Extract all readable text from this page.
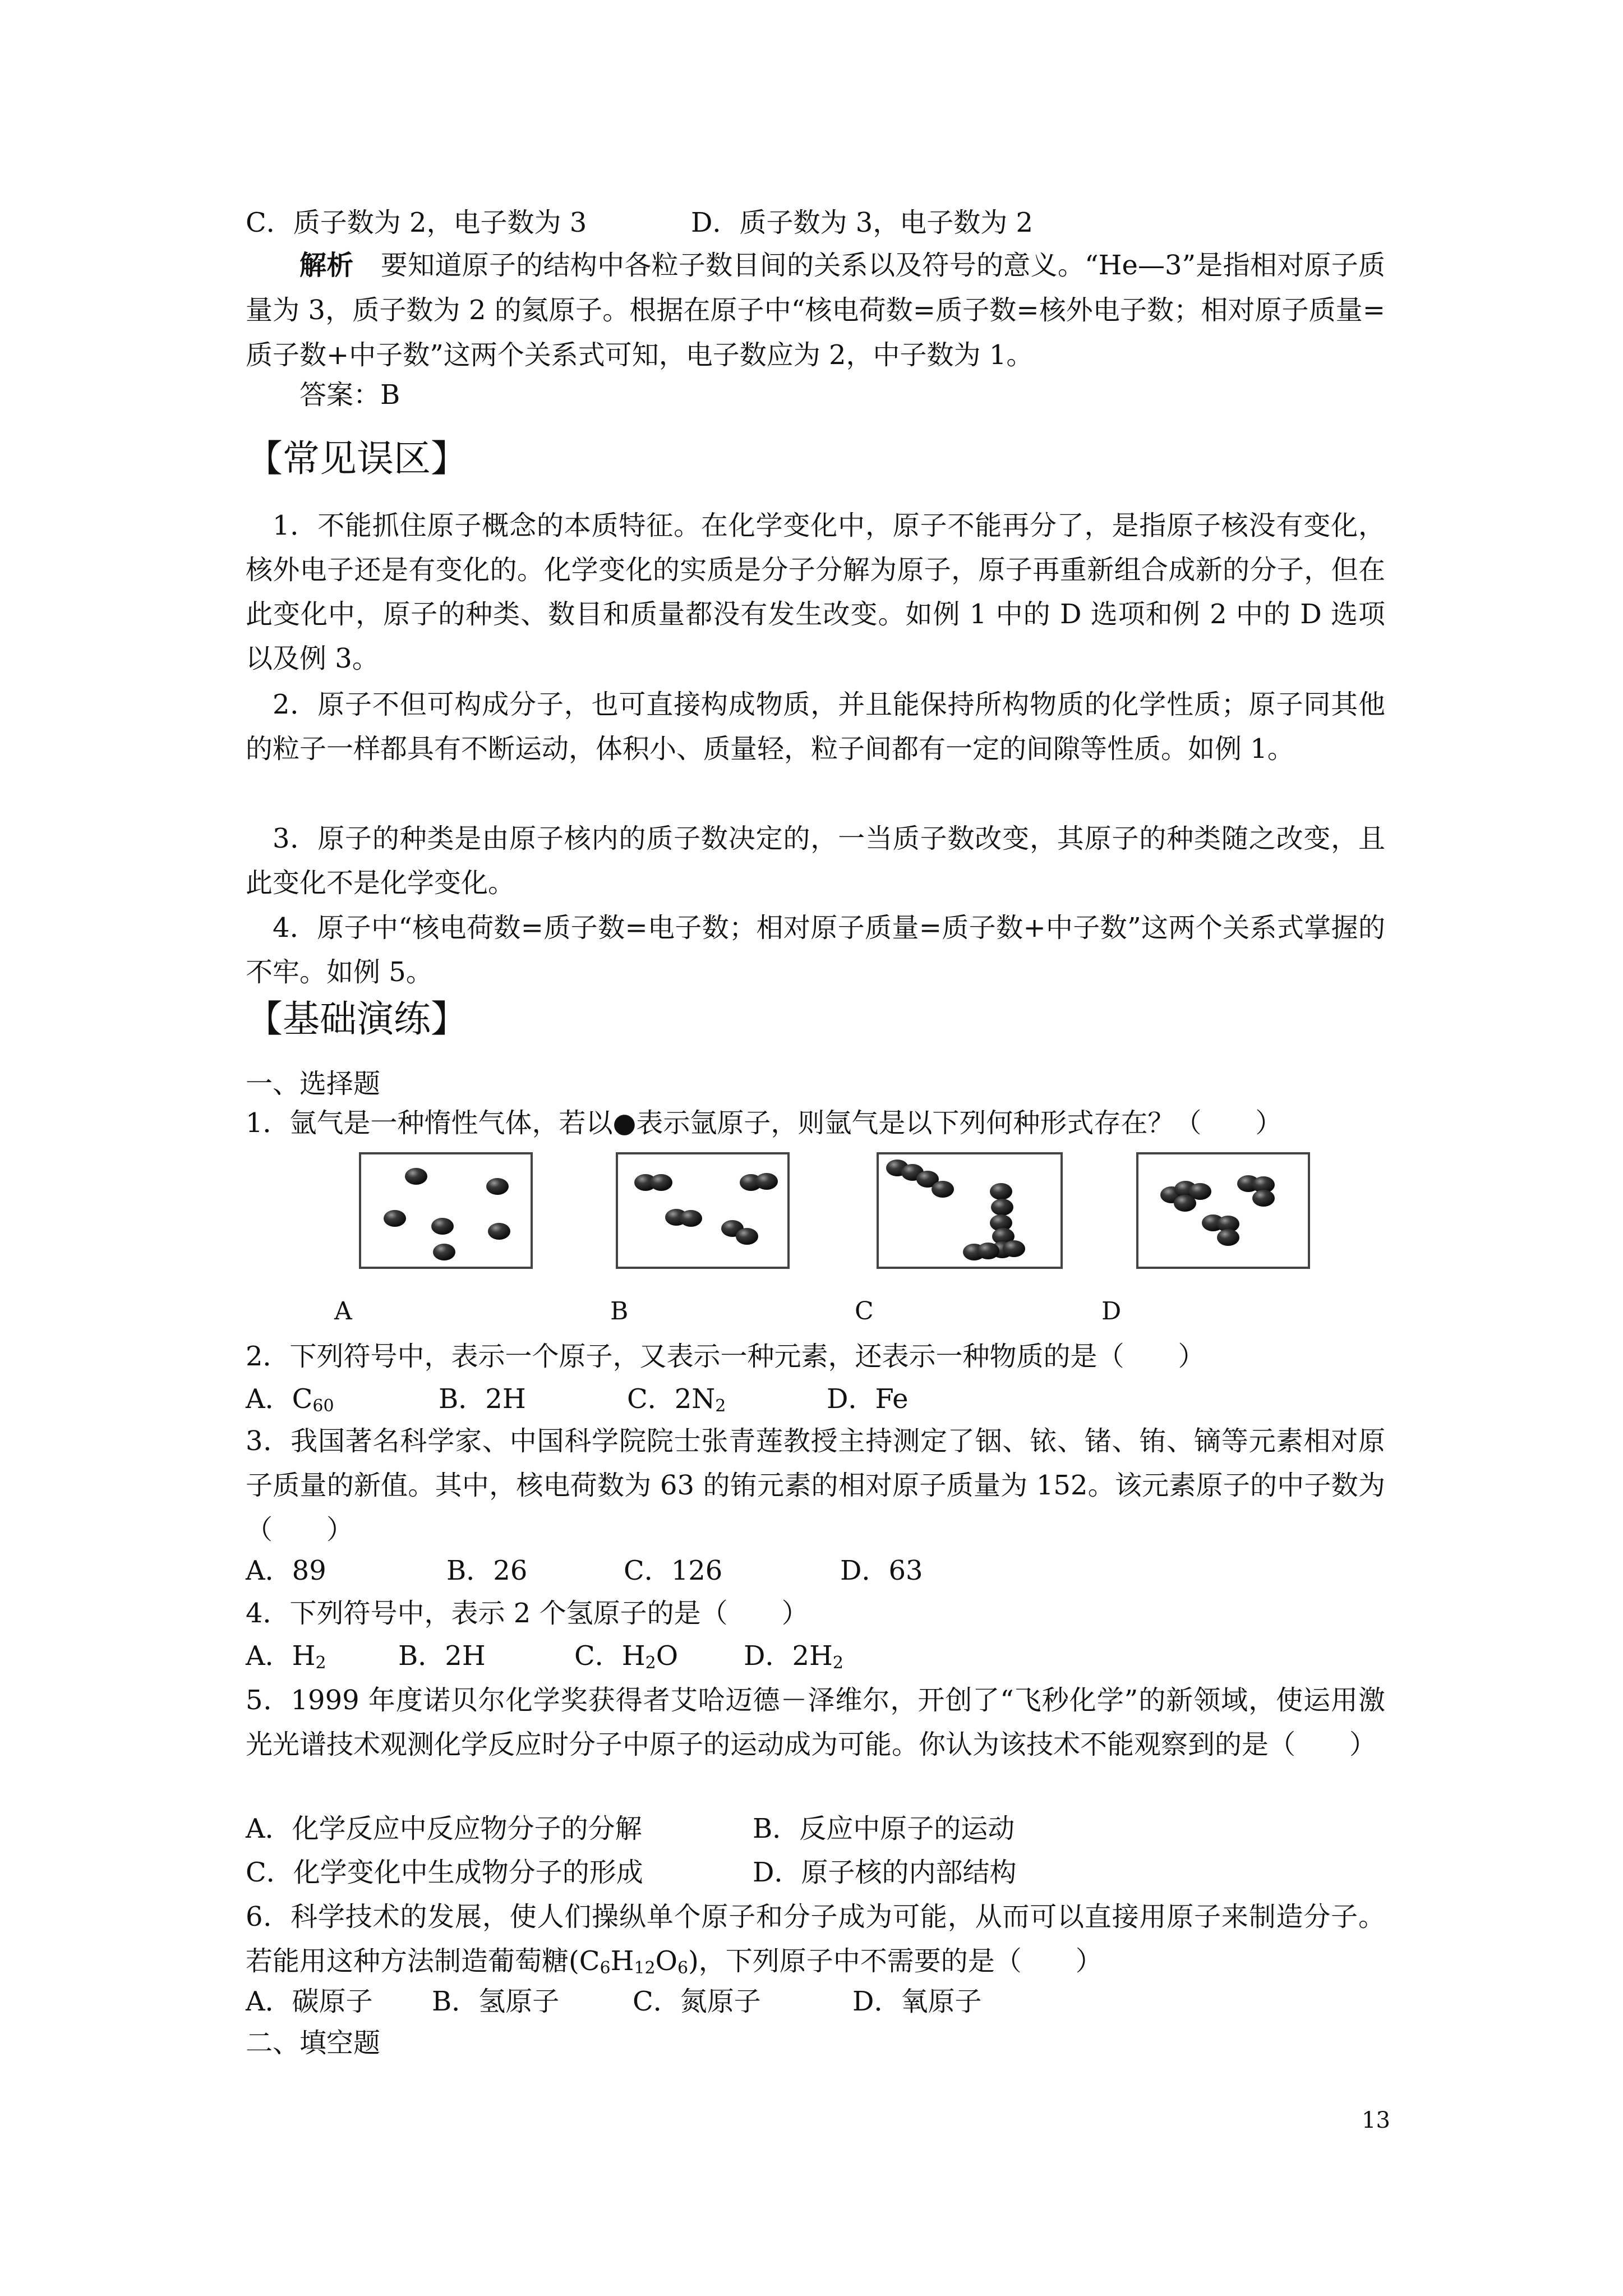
C．质子数为 2，电子数为 3	D．质子数为 3，电子数为 2
解析　要知道原子的结构中各粒子数目间的关系以及符号的意义。“He—3”是指相对原子质量为 3，质子数为 2 的氦原子。根据在原子中“核电荷数=质子数=核外电子数；相对原子质量=质子数+中子数”这两个关系式可知，电子数应为 2，中子数为 1。
答案：B
【常见误区】
1．不能抓住原子概念的本质特征。在化学变化中，原子不能再分了，是指原子核没有变化，核外电子还是有变化的。化学变化的实质是分子分解为原子，原子再重新组合成新的分子，但在此变化中，原子的种类、数目和质量都没有发生改变。如例 1 中的 D 选项和例 2 中的 D 选项以及例 3。
2．原子不但可构成分子，也可直接构成物质，并且能保持所构物质的化学性质；原子同其他的粒子一样都具有不断运动，体积小、质量轻，粒子间都有一定的间隙等性质。如例 1。
3．原子的种类是由原子核内的质子数决定的，一当质子数改变，其原子的种类随之改变，且此变化不是化学变化。
4．原子中“核电荷数=质子数=电子数；相对原子质量=质子数+中子数”这两个关系式掌握的不牢。如例 5。
【基础演练】
一、选择题
1．氩气是一种惰性气体，若以●表示氩原子，则氩气是以下列何种形式存在？（　　）
A	B	C	D
2．下列符号中，表示一个原子，又表示一种元素，还表示一种物质的是（　　）
A．$C_{60}$	B．2H	C．$2N_2$	D．Fe
3．我国著名科学家、中国科学院院士张青莲教授主持测定了铟、铱、锗、铕、镝等元素相对原子质量的新值。其中，核电荷数为 63 的铕元素的相对原子质量为 152。该元素原子的中子数为（　　）
A．89	B．26	C．126	D．63
4．下列符号中，表示 2 个氢原子的是（　　）
A．$H_2$	B．2H	C．$H_2O$ D．$2H_2$
5．1999 年度诺贝尔化学奖获得者艾哈迈德－泽维尔，开创了“飞秒化学”的新领域，使运用激光光谱技术观测化学反应时分子中原子的运动成为可能。你认为该技术不能观察到的是（　　）
A．化学反应中反应物分子的分解	B．反应中原子的运动
C．化学变化中生成物分子的形成	D．原子核的内部结构
6．科学技术的发展，使人们操纵单个原子和分子成为可能，从而可以直接用原子来制造分子。若能用这种方法制造葡萄糖$(C_6H_{12}O_6)$，下列原子中不需要的是（　　）
A．碳原子 B．氢原子	C．氮原子	D．氧原子
二、填空题
13
